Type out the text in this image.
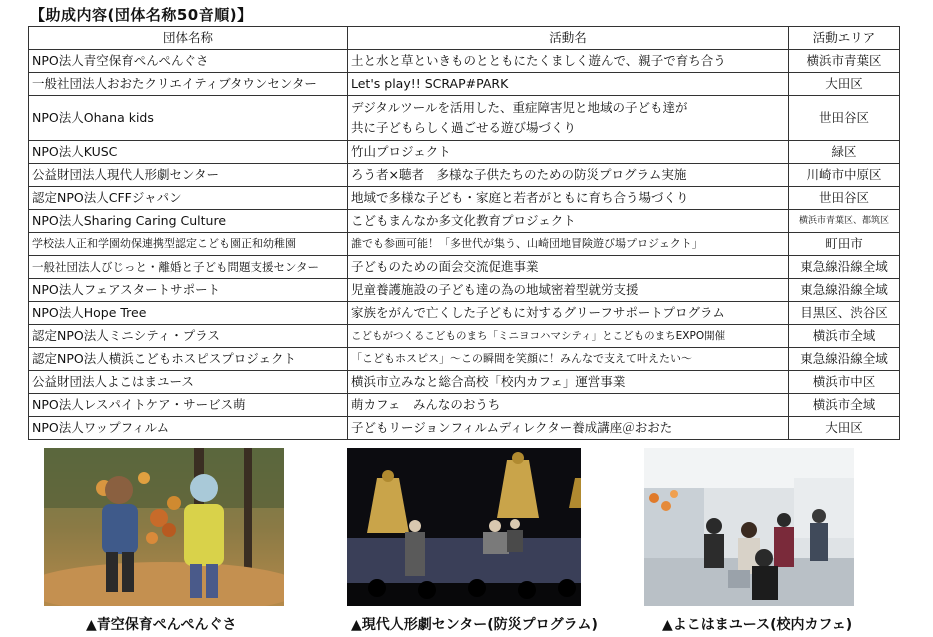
【助成内容(団体名称50音順)】
団体名称	活動名	活動エリア
NPO法人青空保育ぺんぺんぐさ	土と水と草といきものとともにたくましく遊んで、親子で育ち合う	横浜市青葉区
一般社団法人おおたクリエイティブタウンセンター	Let's play!! SCRAP#PARK	大田区
NPO法人Ohana kids	デジタルツールを活用した、重症障害児と地域の子ども達が
共に子どもらしく過ごせる遊び場づくり	世田谷区
NPO法人KUSC	竹山プロジェクト	緑区
公益財団法人現代人形劇センター	ろう者×聴者　多様な子供たちのための防災プログラム実施	川崎市中原区
認定NPO法人CFFジャパン	地域で多様な子ども・家庭と若者がともに育ち合う場づくり	世田谷区
NPO法人Sharing Caring Culture	こどもまんなか多文化教育プロジェクト	横浜市青葉区、都筑区
学校法人正和学園幼保連携型認定こども園正和幼稚園	誰でも参画可能！「多世代が集う、山崎団地冒険遊び場プロジェクト」	町田市
一般社団法人びじっと・離婚と子ども問題支援センター	子どものための面会交流促進事業	東急線沿線全域
NPO法人フェアスタートサポート	児童養護施設の子ども達の為の地域密着型就労支援	東急線沿線全域
NPO法人Hope Tree	家族をがんで亡くした子どもに対するグリーフサポートプログラム	目黒区、渋谷区
認定NPO法人ミニシティ・プラス	こどもがつくるこどものまち「ミニヨコハマシティ」とこどものまちEXPO開催	横浜市全域
認定NPO法人横浜こどもホスピスプロジェクト	「こどもホスピス」〜この瞬間を笑顔に！みんなで支えて叶えたい〜	東急線沿線全域
公益財団法人よこはまユース	横浜市立みなと総合高校「校内カフェ」運営事業	横浜市中区
NPO法人レスパイトケア・サービス萌	萌カフェ　みんなのおうち	横浜市全域
NPO法人ワップフィルム	子どもリージョンフィルムディレクター養成講座＠おおた	大田区
▲青空保育ぺんぺんぐさ	▲現代人形劇センター(防災プログラム)	▲よこはまユース(校内カフェ)
